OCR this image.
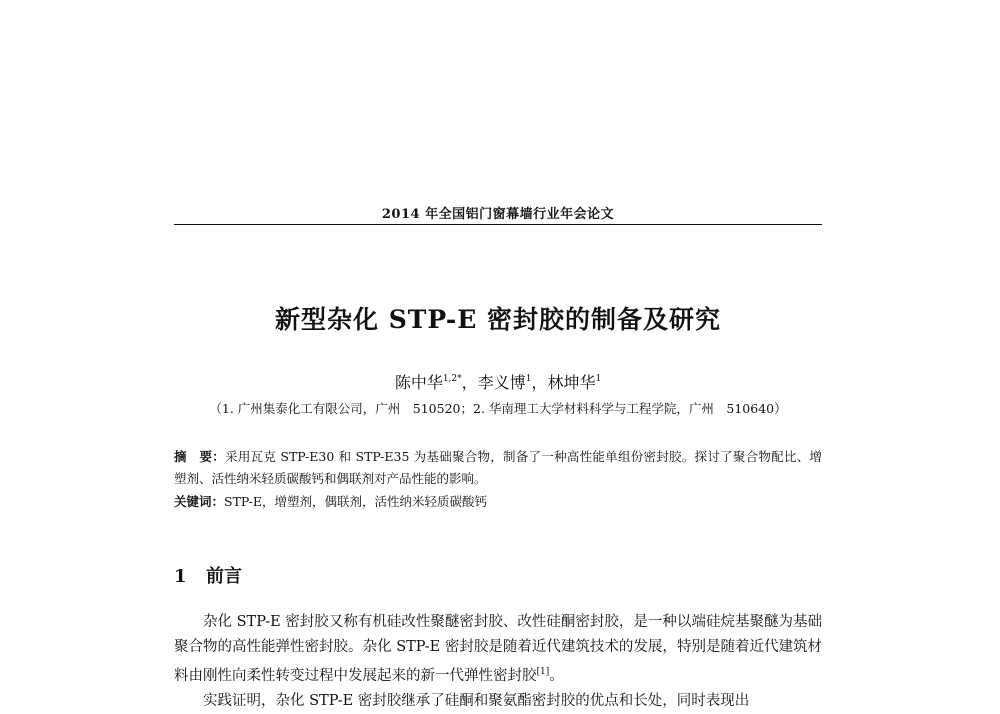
2014 年全国铝门窗幕墙行业年会论文
新型杂化 STP-E 密封胶的制备及研究
陈中华$^{1,2*}$，李义博$^1$，林坤华$^1$
（1. 广州集泰化工有限公司，广州　510520；2. 华南理工大学材料科学与工程学院，广州　510640）
摘　要：采用瓦克 STP-E30 和 STP-E35 为基础聚合物，制备了一种高性能单组份密封胶。探讨了聚合物配比、增塑剂、活性纳米轻质碳酸钙和偶联剂对产品性能的影响。
关键词：STP-E，增塑剂，偶联剂，活性纳米轻质碳酸钙
1 前言

杂化 STP-E 密封胶又称有机硅改性聚醚密封胶、改性硅酮密封胶，是一种以端硅烷基聚醚为基础聚合物的高性能弹性密封胶。杂化 STP-E 密封胶是随着近代建筑技术的发展，特别是随着近代建筑材料由刚性向柔性转变过程中发展起来的新一代弹性密封胶[1]。

实践证明，杂化 STP-E 密封胶继承了硅酮和聚氨酯密封胶的优点和长处，同时表现出
